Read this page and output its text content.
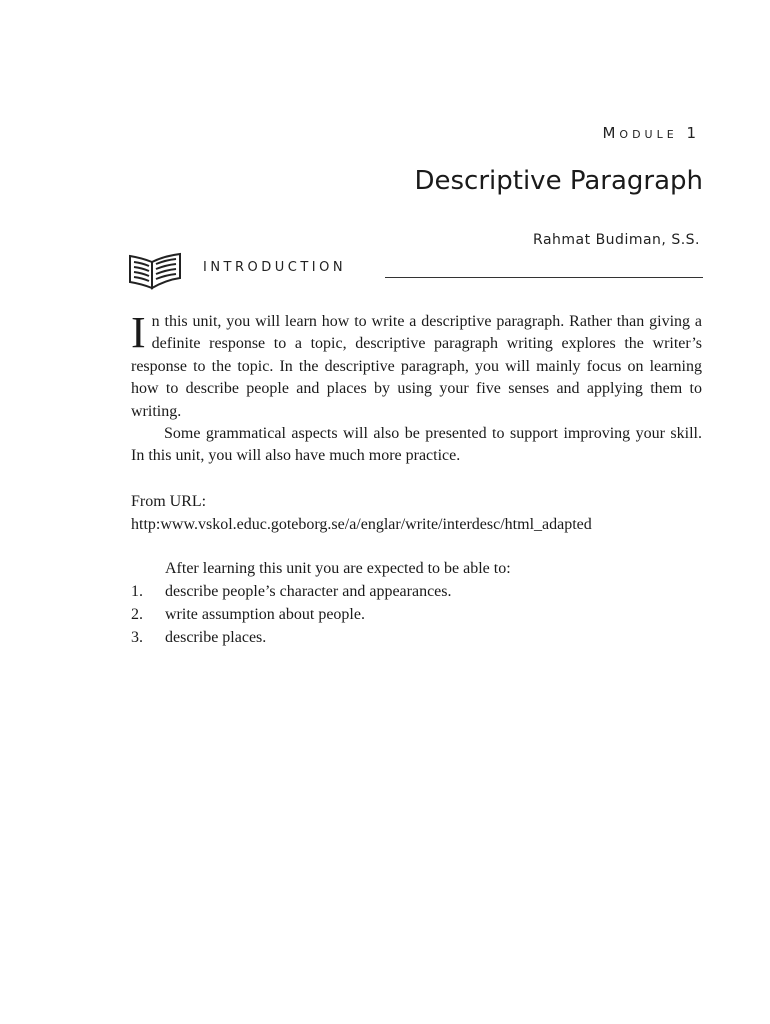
Module 1
Descriptive Paragraph
Rahmat Budiman, S.S.
INTRODUCTION

In this unit, you will learn how to write a descriptive paragraph. Rather than giving a definite response to a topic, descriptive paragraph writing explores the writer’s response to the topic. In the descriptive paragraph, you will mainly focus on learning how to describe people and places by using your five senses and applying them to writing.

Some grammatical aspects will also be presented to support improving your skill. In this unit, you will also have much more practice.

From URL:
http:www.vskol.educ.goteborg.se/a/englar/write/interdesc/html_adapted
After learning this unit you are expected to be able to:
1.	describe people’s character and appearances.
2.	write assumption about people.
3.	describe places.
